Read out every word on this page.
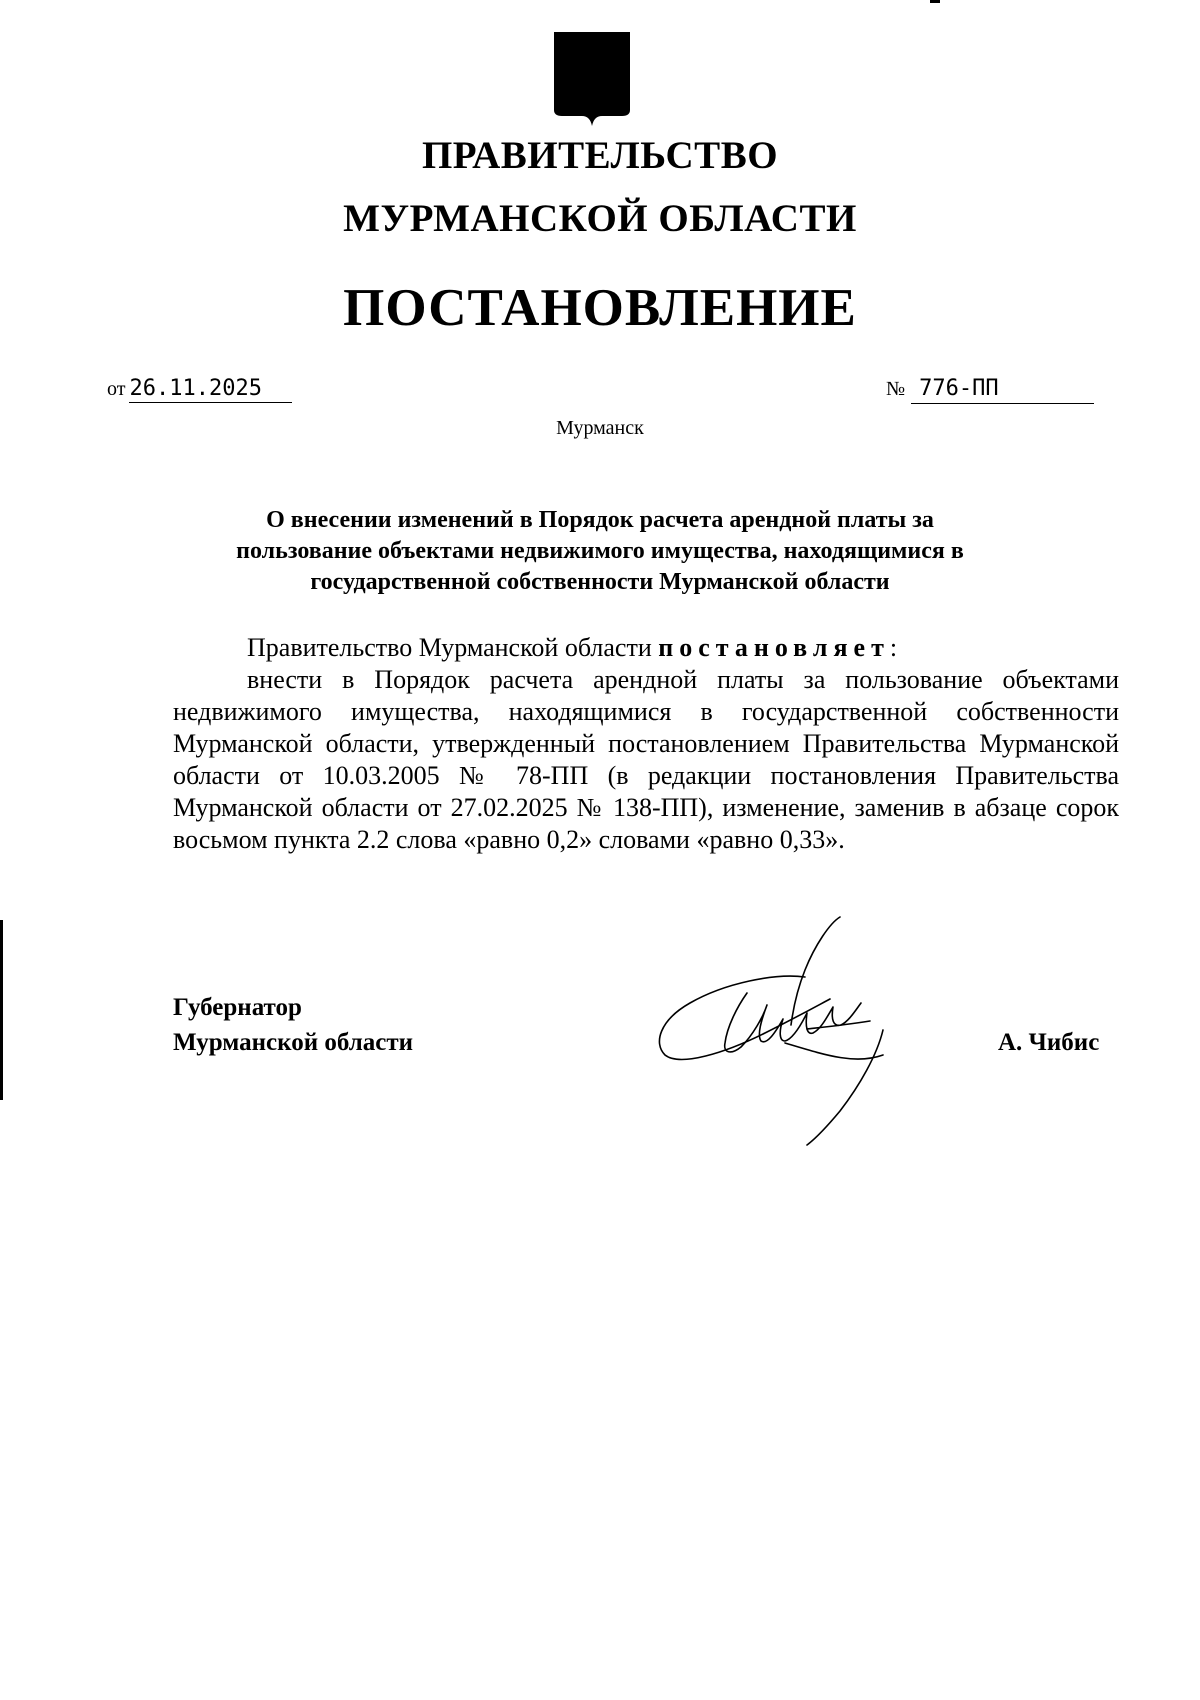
ПРАВИТЕЛЬСТВО
МУРМАНСКОЙ ОБЛАСТИ
ПОСТАНОВЛЕНИЕ
от 26.11.2025	№ 776-ПП
Мурманск
О внесении изменений в Порядок расчета арендной платы за
пользование объектами недвижимого имущества, находящимися в
государственной собственности Мурманской области

Правительство Мурманской области постановляет:

внести в Порядок расчета арендной платы за пользование объектами недвижимого имущества, находящимися в государственной собственности Мурманской области, утвержденный постановлением Правительства Мурманской области от 10.03.2005 № 78-ПП (в редакции постановления Правительства Мурманской области от 27.02.2025 № 138-ПП), изменение, заменив в абзаце сорок восьмом пункта 2.2 слова «равно 0,2» словами «равно 0,33».

Губернатор
Мурманской области	А. Чибис
